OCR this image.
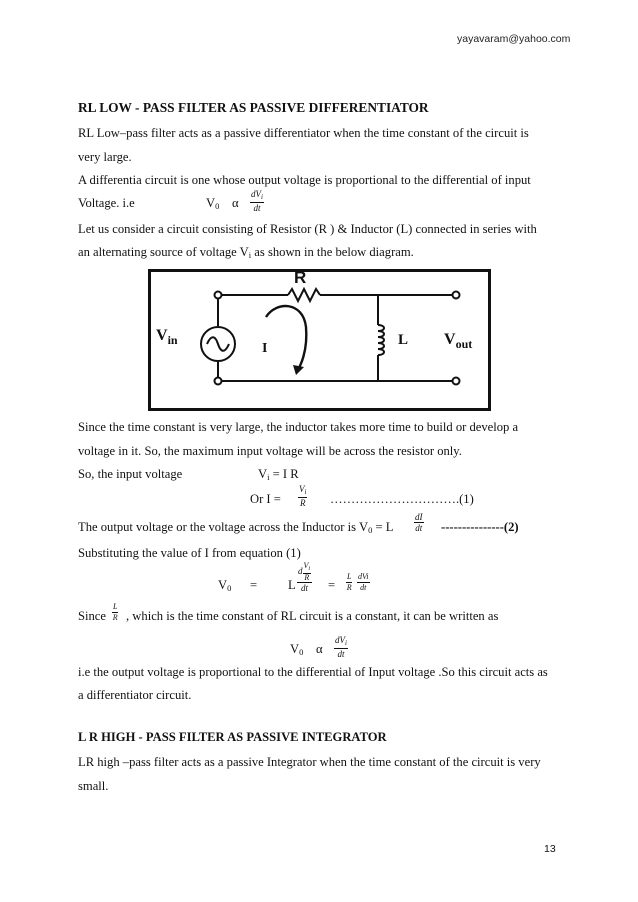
yayavaram@yahoo.com
RL LOW - PASS FILTER AS PASSIVE DIFFERENTIATOR
RL Low–pass filter acts as a passive differentiator when the time constant of the circuit is
very large.
A differentia circuit is one whose output voltage is proportional to the differential of input
Voltage. i.e	$V_0$ α
$dV_i$
dt
Let us consider a circuit consisting of Resistor (R ) & Inductor (L) connected in series with
an alternating source of voltage $V_i$ as shown in the below diagram.
R
L
I
$V_{in}$	$V_{out}$
Since the time constant is very large, the inductor takes more time to build or develop a
voltage in it. So, the maximum input voltage will be across the resistor only.
So, the input voltage	$V_i = I$ R
Or $I = \frac{V_i}{R}$ ………………………….(1)
The output voltage or the voltage across the Inductor is $V_0 = L \frac{dI}{dt} ---------------(2)$
Substituting the value of I from equation (1)
$V_0 = L$
d $\frac{V_i}{R}$
dt	= $\frac{L}{R}$ dVi
dt
Since $\frac{L}{R}$ , which is the time constant of RL circuit is a constant, it can be written as
$V_0$ α
$dV_i$
dt
i.e the output voltage is proportional to the differential of Input voltage .So this circuit acts as
a differentiator circuit.
L R HIGH - PASS FILTER AS PASSIVE INTEGRATOR
LR high –pass filter acts as a passive Integrator when the time constant of the circuit is very
small.
13
